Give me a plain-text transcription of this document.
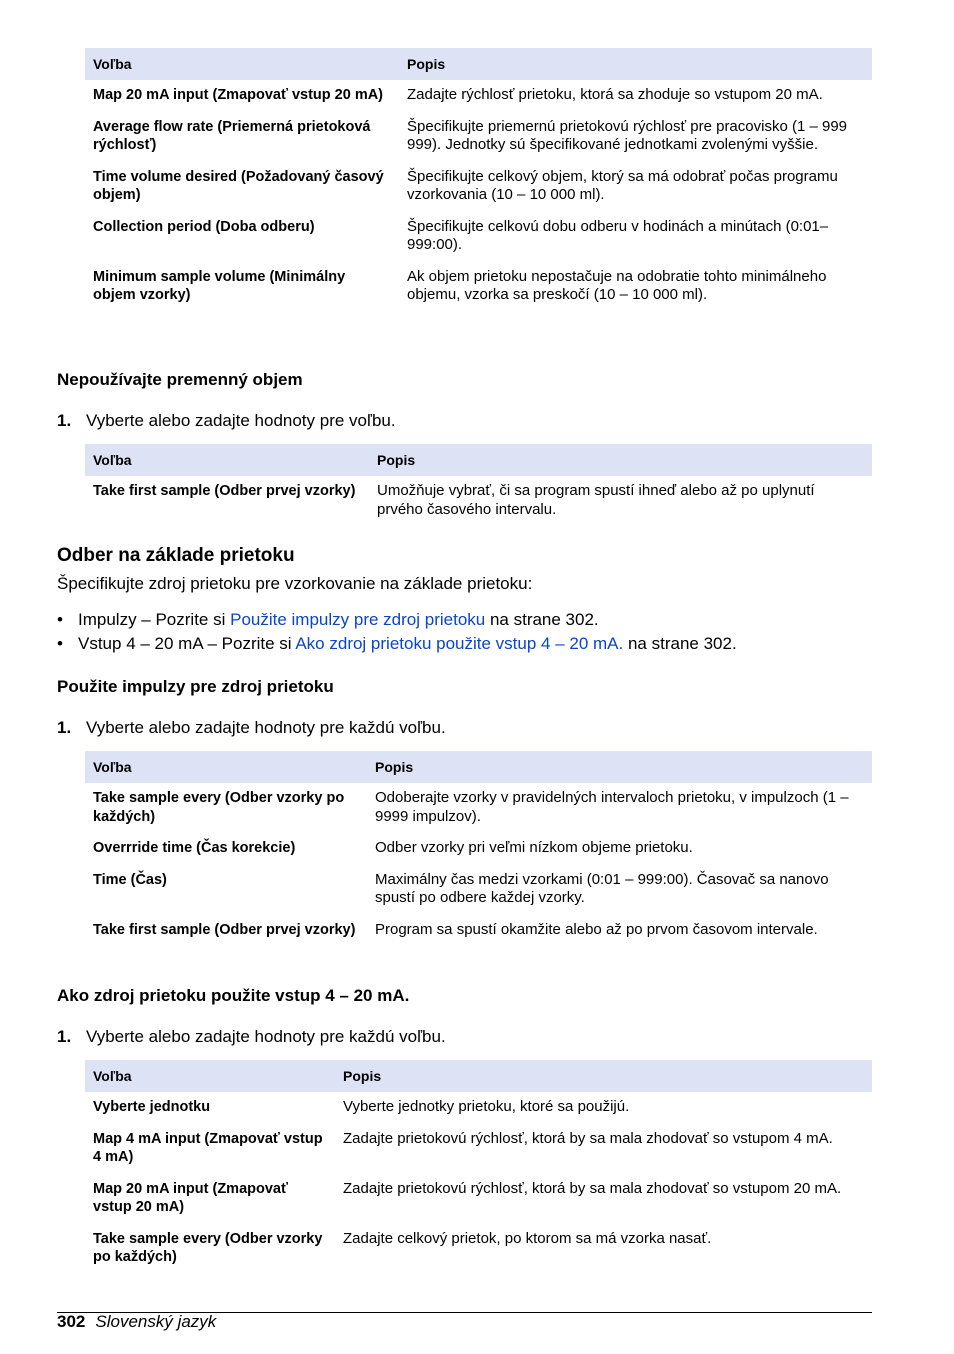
Voľba	Popis
Map 20 mA input (Zmapovať vstup 20 mA)	Zadajte rýchlosť prietoku, ktorá sa zhoduje so vstupom 20 mA.
Average flow rate (Priemerná prietoková rýchlosť)	Špecifikujte priemernú prietokovú rýchlosť pre pracovisko (1 – 999 999). Jednotky sú špecifikované jednotkami zvolenými vyššie.
Time volume desired (Požadovaný časový objem)	Špecifikujte celkový objem, ktorý sa má odobrať počas programu vzorkovania (10 – 10 000 ml).
Collection period (Doba odberu)	Špecifikujte celkovú dobu odberu v hodinách a minútach (0:01–999:00).
Minimum sample volume (Minimálny objem vzorky)	Ak objem prietoku nepostačuje na odobratie tohto minimálneho objemu, vzorka sa preskočí (10 – 10 000 ml).
Nepoužívajte premenný objem

1. Vyberte alebo zadajte hodnoty pre voľbu.

Voľba	Popis
Take first sample (Odber prvej vzorky)	Umožňuje vybrať, či sa program spustí ihneď alebo až po uplynutí prvého časového intervalu.
Odber na základe prietoku

Špecifikujte zdroj prietoku pre vzorkovanie na základe prietoku:

• Impulzy – Pozrite si Použite impulzy pre zdroj prietoku na strane 302.

• Vstup 4 – 20 mA – Pozrite si Ako zdroj prietoku použite vstup 4 – 20 mA. na strane 302.

Použite impulzy pre zdroj prietoku

1. Vyberte alebo zadajte hodnoty pre každú voľbu.

Voľba	Popis
Take sample every (Odber vzorky po každých)	Odoberajte vzorky v pravidelných intervaloch prietoku, v impulzoch (1 – 9999 impulzov).
Overrride time (Čas korekcie)	Odber vzorky pri veľmi nízkom objeme prietoku.
Time (Čas)	Maximálny čas medzi vzorkami (0:01 – 999:00). Časovač sa nanovo spustí po odbere každej vzorky.
Take first sample (Odber prvej vzorky)	Program sa spustí okamžite alebo až po prvom časovom intervale.
Ako zdroj prietoku použite vstup 4 – 20 mA.

1. Vyberte alebo zadajte hodnoty pre každú voľbu.

Voľba	Popis
Vyberte jednotku	Vyberte jednotky prietoku, ktoré sa použijú.
Map 4 mA input (Zmapovať vstup 4 mA)	Zadajte prietokovú rýchlosť, ktorá by sa mala zhodovať so vstupom 4 mA.
Map 20 mA input (Zmapovať vstup 20 mA)	Zadajte prietokovú rýchlosť, ktorá by sa mala zhodovať so vstupom 20 mA.
Take sample every (Odber vzorky po každých)	Zadajte celkový prietok, po ktorom sa má vzorka nasať.
302 Slovenský jazyk
